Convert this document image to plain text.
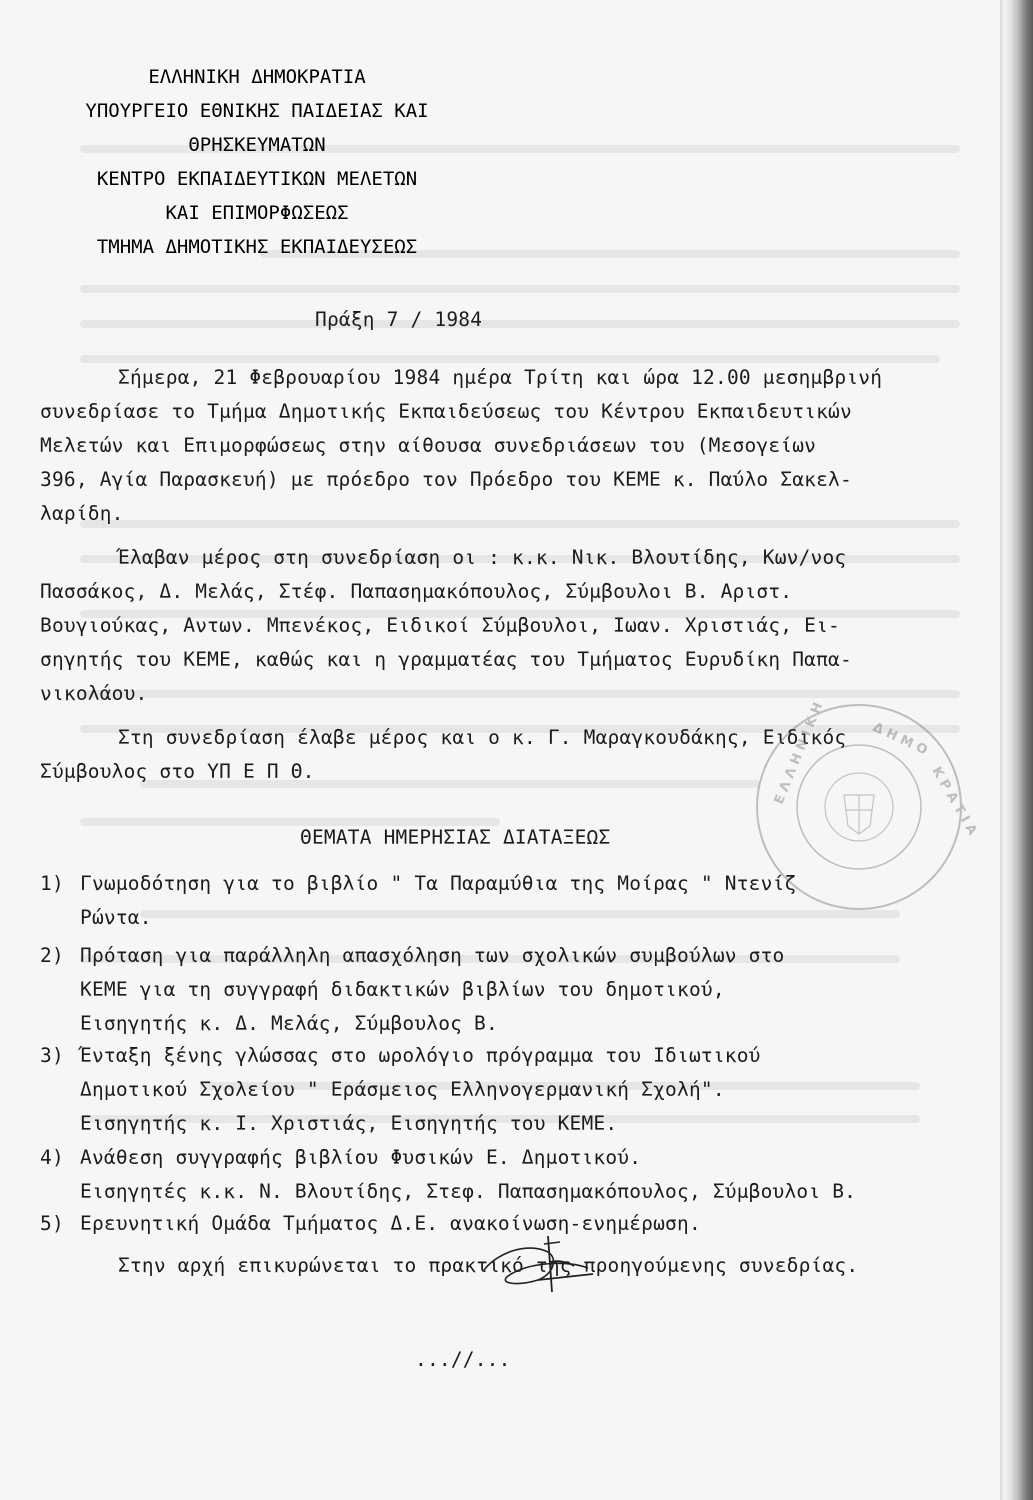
ΕΛΛΗΝΙΚΗ ΔΗΜΟΚΡΑΤΙΑ
ΥΠΟΥΡΓΕΙΟ ΕΘΝΙΚΗΣ ΠΑΙΔΕΙΑΣ ΚΑΙ
ΘΡΗΣΚΕΥΜΑΤΩΝ
ΚΕΝΤΡΟ ΕΚΠΑΙΔΕΥΤΙΚΩΝ ΜΕΛΕΤΩΝ
ΚΑΙ ΕΠΙΜΟΡΦΩΣΕΩΣ
ΤΜΗΜΑ ΔΗΜΟΤΙΚΗΣ ΕΚΠΑΙΔΕΥΣΕΩΣ
Πράξη 7 / 1984
Σήμερα, 21 Φεβρουαρίου 1984 ημέρα Τρίτη και ώρα 12.00 μεσημβρινή
συνεδρίασε το Τμήμα Δημοτικής Εκπαιδεύσεως του Κέντρου Εκπαιδευτικών
Μελετών και Επιμορφώσεως στην αίθουσα συνεδριάσεων του (Μεσογείων
396, Αγία Παρασκευή) με πρόεδρο τον Πρόεδρο του ΚΕΜΕ κ. Παύλο Σακελ-
λαρίδη.
Έλαβαν μέρος στη συνεδρίαση οι : κ.κ. Νικ. Βλουτίδης, Κων/νος
Πασσάκος, Δ. Μελάς, Στέφ. Παπασημακόπουλος, Σύμβουλοι Β. Αριστ.
Βουγιούκας, Αντων. Μπενέκος, Ειδικοί Σύμβουλοι, Ιωαν. Χριστιάς, Ει-
σηγητής του ΚΕΜΕ, καθώς και η γραμματέας του Τμήματος Ευρυδίκη Παπα-
νικολάου.
Στη συνεδρίαση έλαβε μέρος και ο κ. Γ. Μαραγκουδάκης, Ειδικός
Σύμβουλος στο ΥΠ Ε Π Θ.
ΘΕΜΑΤΑ ΗΜΕΡΗΣΙΑΣ ΔΙΑΤΑΞΕΩΣ
1) Γνωμοδότηση για το βιβλίο " Τα Παραμύθια της Μοίρας " Ντενίζ
Ρώντα.
2) Πρόταση για παράλληλη απασχόληση των σχολικών συμβούλων στο
ΚΕΜΕ για τη συγγραφή διδακτικών βιβλίων του δημοτικού,
Εισηγητής κ. Δ. Μελάς, Σύμβουλος Β.
3) Ένταξη ξένης γλώσσας στο ωρολόγιο πρόγραμμα του Ιδιωτικού
Δημοτικού Σχολείου " Εράσμειος Ελληνογερμανική Σχολή".
Εισηγητής κ. Ι. Χριστιάς, Εισηγητής του ΚΕΜΕ.
4) Ανάθεση συγγραφής βιβλίου Φυσικών Ε. Δημοτικού.
Εισηγητές κ.κ. Ν. Βλουτίδης, Στεφ. Παπασημακόπουλος, Σύμβουλοι Β.
5) Ερευνητική Ομάδα Τμήματος Δ.Ε. ανακοίνωση-ενημέρωση.
Στην αρχή επικυρώνεται το πρακτικό της προηγούμενης συνεδρίας.
...//...
Ε Λ Λ Η Ν Ι Κ Η	Δ Η Μ Ο
Κ Ρ Α Τ Ι Α
